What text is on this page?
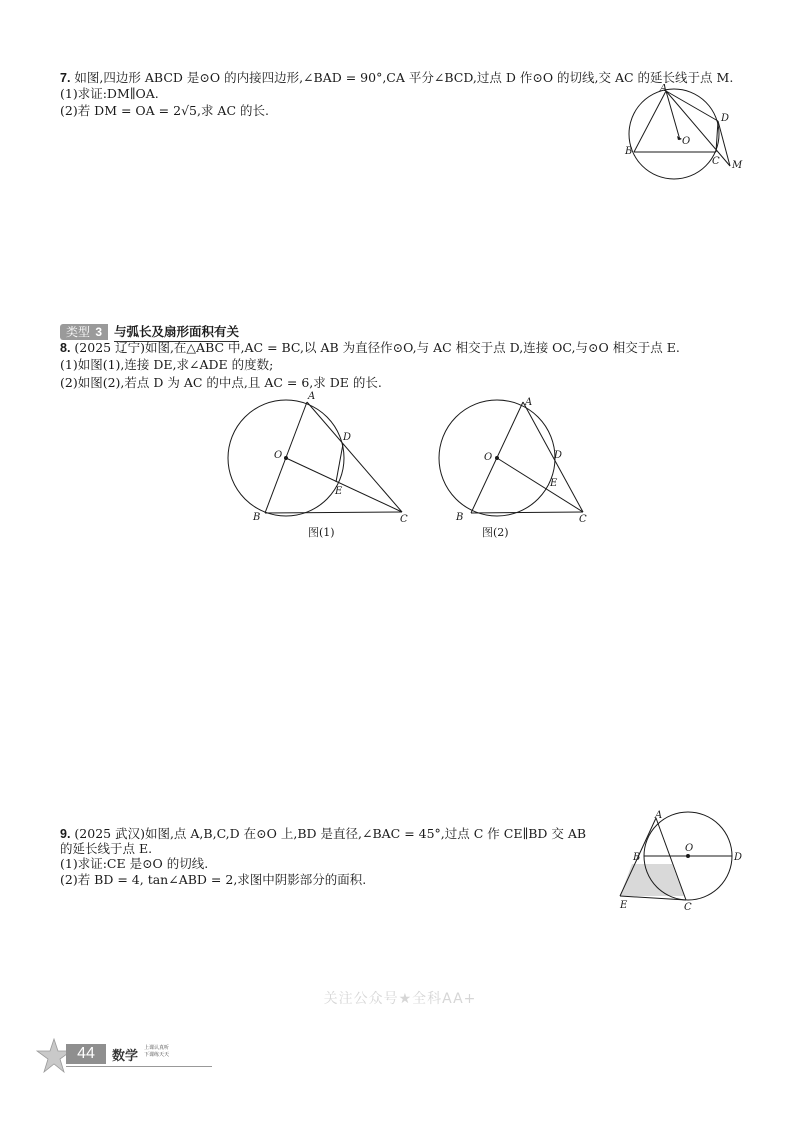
7. 如图,四边形 ABCD 是⊙O 的内接四边形,∠BAD = 90°,CA 平分∠BCD,过点 D 作⊙O 的切线,交 AC 的延长线于点 M.
(1)求证:DM∥OA.
(2)若 DM = OA = 2√5,求 AC 的长.
A
O
D
B
C M
类型 3 与弧长及扇形面积有关
8. (2025 辽宁)如图,在△ABC 中,AC = BC,以 AB 为直径作⊙O,与 AC 相交于点 D,连接 OC,与⊙O 相交于点 E.
(1)如图(1),连接 DE,求∠ADE 的度数;
(2)如图(2),若点 D 为 AC 的中点,且 AC = 6,求 DE 的长.
A
D
O
E
B	C
图(1)
A
D
O
E
B	C
图(2)
9. (2025 武汉)如图,点 A,B,C,D 在⊙O 上,BD 是直径,∠BAC = 45°,过点 C 作 CE∥BD 交 AB
的延长线于点 E.
(1)求证:CE 是⊙O 的切线.
(2)若 BD = 4, tan∠ABD = 2,求图中阴影部分的面积.
A
B
O
D
E	C
关注公众号★全科AA+
44	数学
上课认真听
下课练天天
